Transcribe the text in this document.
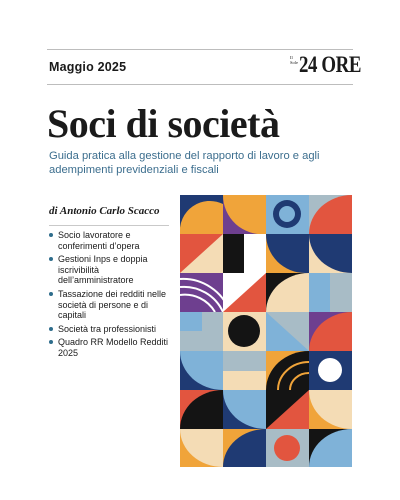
Maggio 2025
Il Sole 24 ORE
Soci di società
Guida pratica alla gestione del rapporto di lavoro e agli adempimenti previdenziali e fiscali
di Antonio Carlo Scacco
Socio lavoratore e conferimenti d’opera
Gestioni Inps e doppia iscrivibilità dell’amministratore
Tassazione dei redditi nelle società di persone e di capitali
Società tra professionisti
Quadro RR Modello Redditi 2025
